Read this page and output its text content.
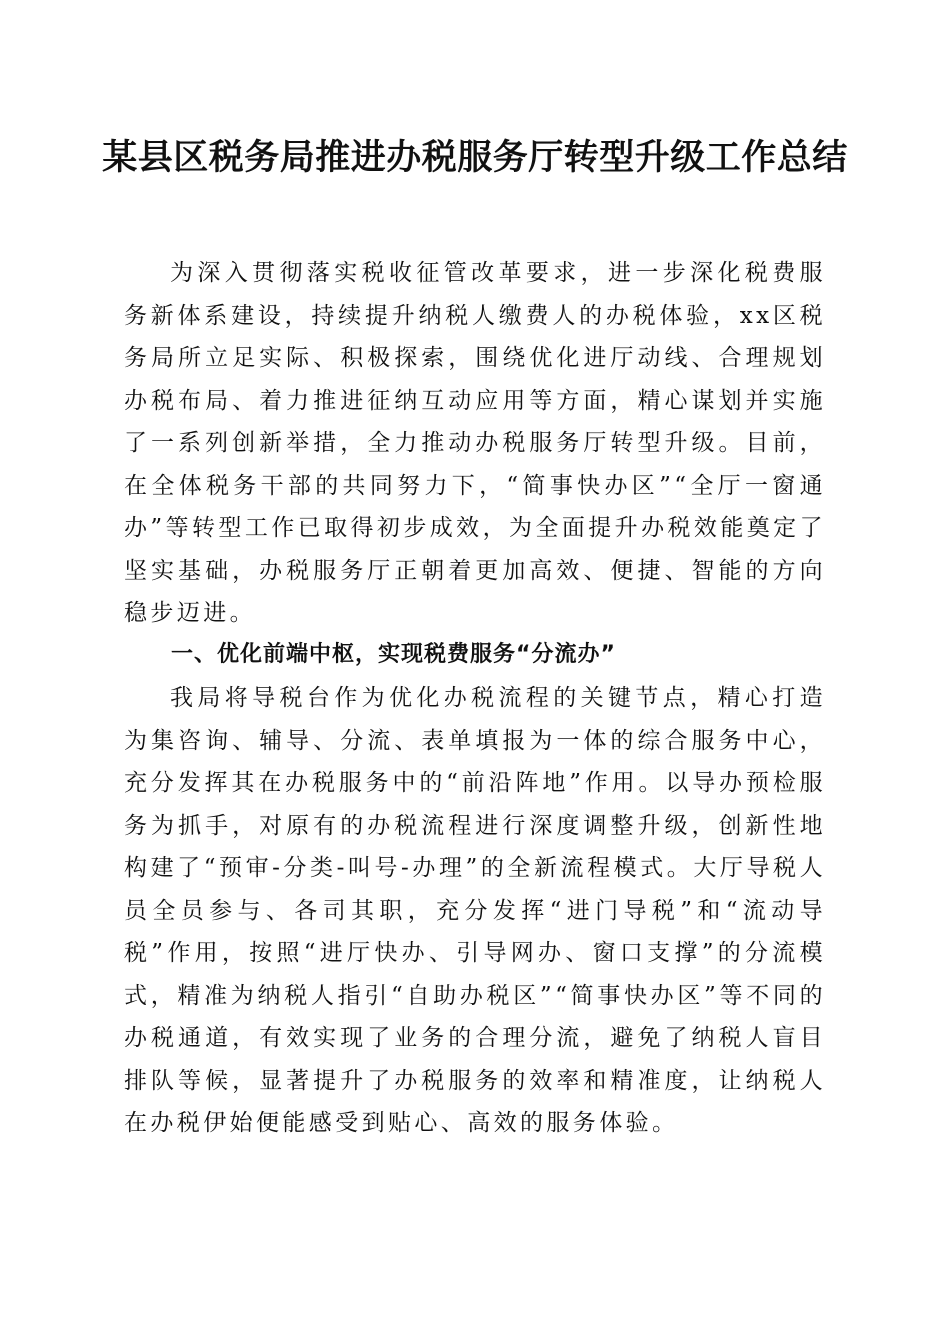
某县区税务局推进办税服务厅转型升级工作总结

为深入贯彻落实税收征管改革要求，进一步深化税费服务新体系建设，持续提升纳税人缴费人的办税体验，xx区税务局所立足实际、积极探索，围绕优化进厅动线、合理规划办税布局、着力推进征纳互动应用等方面，精心谋划并实施了一系列创新举措，全力推动办税服务厅转型升级。目前，在全体税务干部的共同努力下，“简事快办区”“全厅一窗通办”等转型工作已取得初步成效，为全面提升办税效能奠定了坚实基础，办税服务厅正朝着更加高效、便捷、智能的方向稳步迈进。

一、优化前端中枢，实现税费服务“分流办”

我局将导税台作为优化办税流程的关键节点，精心打造为集咨询、辅导、分流、表单填报为一体的综合服务中心，充分发挥其在办税服务中的“前沿阵地”作用。以导办预检服务为抓手，对原有的办税流程进行深度调整升级，创新性地构建了“预审-分类-叫号-办理”的全新流程模式。大厅导税人员全员参与、各司其职，充分发挥“进门导税”和“流动导税”作用，按照“进厅快办、引导网办、窗口支撑”的分流模式，精准为纳税人指引“自助办税区”“简事快办区”等不同的办税通道，有效实现了业务的合理分流，避免了纳税人盲目排队等候，显著提升了办税服务的效率和精准度，让纳税人在办税伊始便能感受到贴心、高效的服务体验。
